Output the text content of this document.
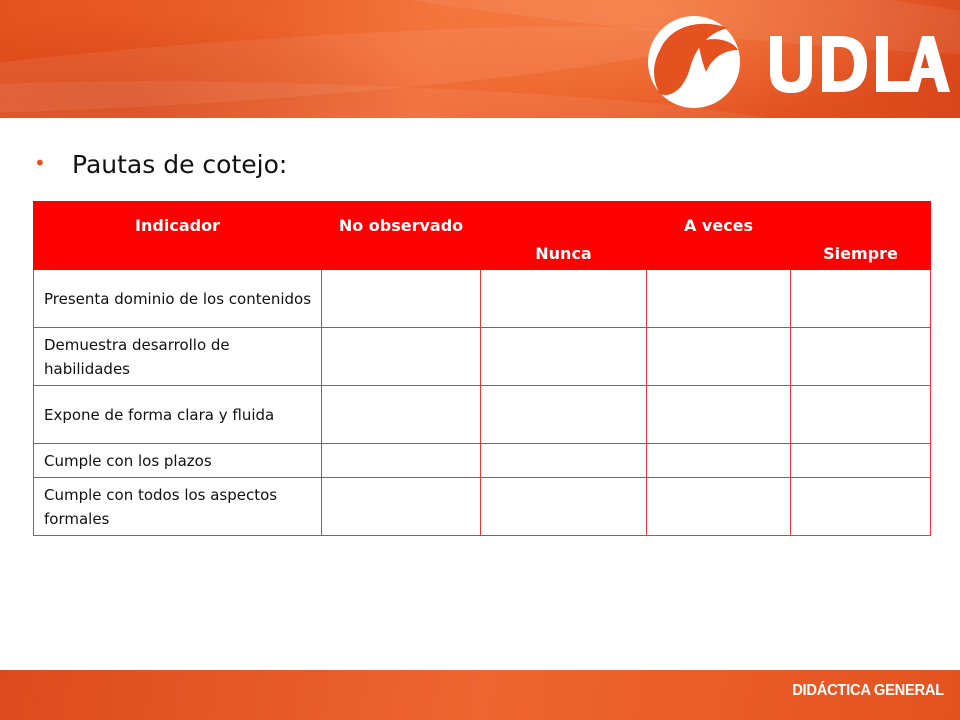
• Pautas de cotejo:
Indicador	No observado	Nunca	A veces	Siempre
Presenta dominio de los contenidos				
Demuestra desarrollo de habilidades				
Expone de forma clara y fluida				
Cumple con los plazos				
Cumple con todos los aspectos formales				
DIDÁCTICA GENERAL
